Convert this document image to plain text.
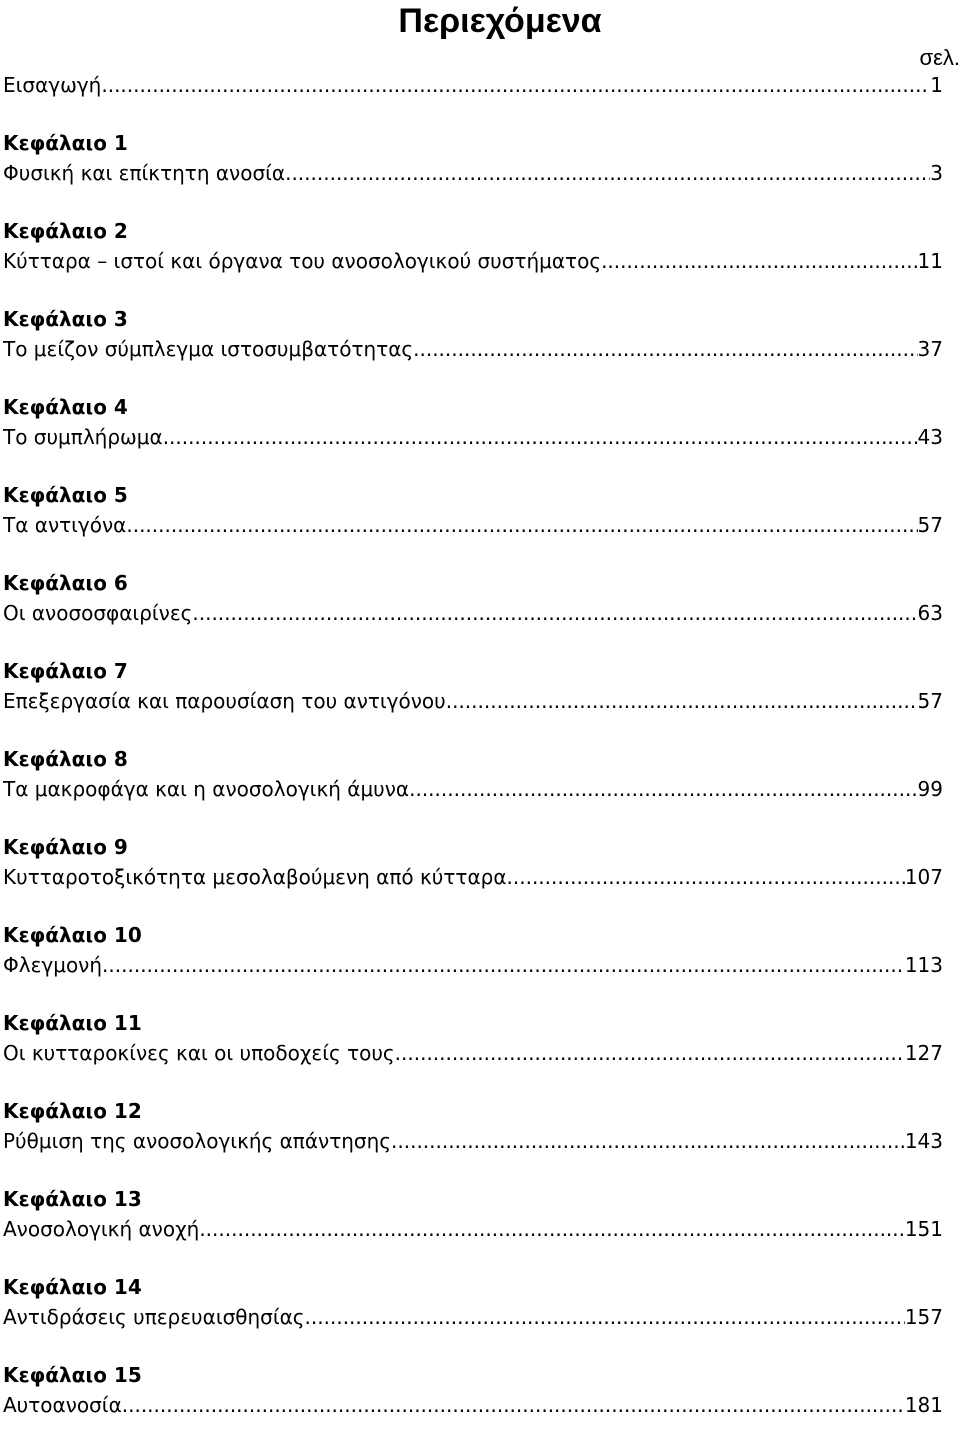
Περιεχόμενα
σελ.
Εισαγωγή .....	1
Κεφάλαιο 1
Φυσική και επίκτητη ανοσία .....	3
Κεφάλαιο 2
Κύτταρα – ιστοί και όργανα του ανοσολογικού συστήματος .....	11
Κεφάλαιο 3
Το μείζον σύμπλεγμα ιστοσυμβατότητας .....	37
Κεφάλαιο 4
Το συμπλήρωμα .....	43
Κεφάλαιο 5
Τα αντιγόνα .....	57
Κεφάλαιο 6
Οι ανοσοσφαιρίνες .....	63
Κεφάλαιο 7
Επεξεργασία και παρουσίαση του αντιγόνου .....	57
Κεφάλαιο 8
Τα μακροφάγα και η ανοσολογική άμυνα .....	99
Κεφάλαιο 9
Κυτταροτοξικότητα μεσολαβούμενη από κύτταρα .....	107
Κεφάλαιο 10
Φλεγμονή .....	113
Κεφάλαιο 11
Οι κυτταροκίνες και οι υποδοχείς τους .....	127
Κεφάλαιο 12
Ρύθμιση της ανοσολογικής απάντησης .....	143
Κεφάλαιο 13
Ανοσολογική ανοχή .....	151
Κεφάλαιο 14
Αντιδράσεις υπερευαισθησίας .....	157
Κεφάλαιο 15
Αυτοανοσία .....	181
